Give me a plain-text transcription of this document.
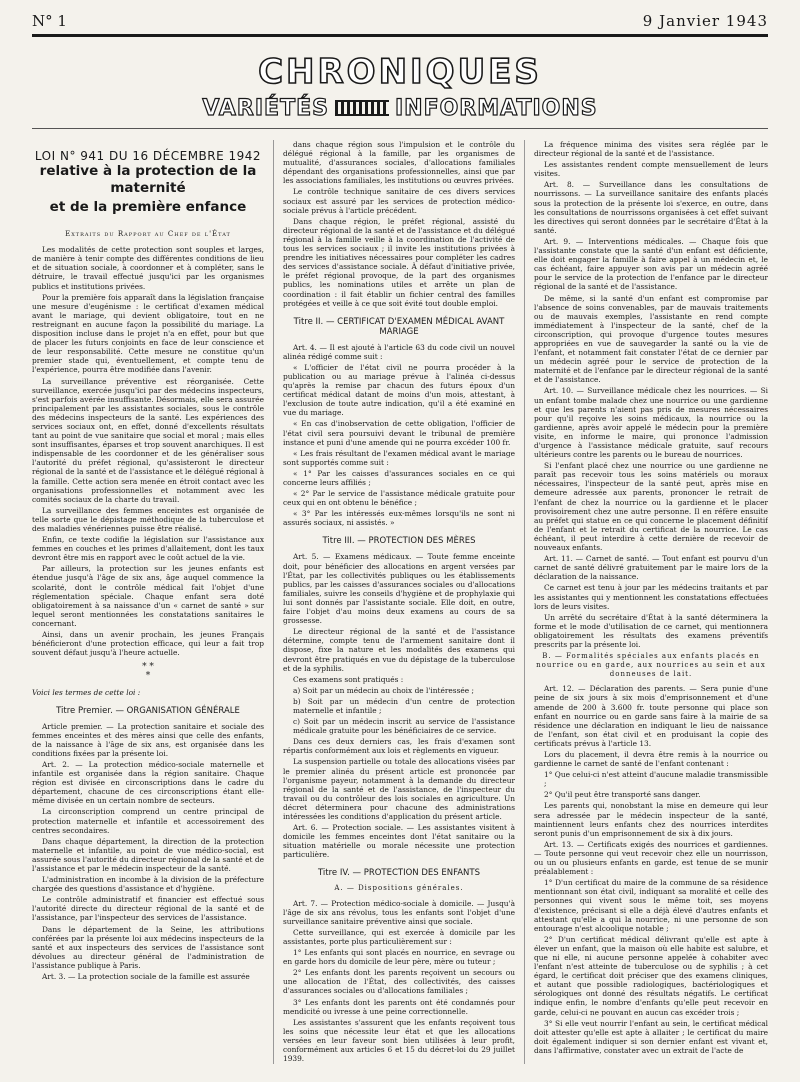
N° 1	9 Janvier 1943
CHRONIQUES
VARIÉTÉS	INFORMATIONS
LOI N° 941 DU 16 DÉCEMBRE 1942
relative à la protection de la maternité
et de la première enfance
Extraits du Rapport au Chef de l'État

Les modalités de cette protection sont souples et larges, de manière à tenir compte des différentes conditions de lieu et de situation sociale, à coordonner et à compléter, sans le détruire, le travail effectué jusqu'ici par les organismes publics et institutions privées.

Pour la première fois apparaît dans la législation française une mesure d'eugénisme : le certificat d'examen médical avant le mariage, qui devient obligatoire, tout en ne restreignant en aucune façon la possibilité du mariage. La disposition incluse dans le projet n'a en effet, pour but que de placer les futurs conjoints en face de leur conscience et de leur responsabilité. Cette mesure ne constitue qu'un premier stade qui, éventuellement, et compte tenu de l'expérience, pourra être modifiée dans l'avenir.

La surveillance préventive est réorganisée. Cette surveillance, exercée jusqu'ici par des médecins inspecteurs, s'est parfois avérée insuffisante. Désormais, elle sera assurée principalement par les assistantes sociales, sous le contrôle des médecins inspecteurs de la santé. Les expériences des services sociaux ont, en effet, donné d'excellents résultats tant au point de vue sanitaire que social et moral ; mais elles sont insuffisantes, éparses et trop souvent anarchiques. Il est indispensable de les coordonner et de les généraliser sous l'autorité du préfet régional, qu'assisteront le directeur régional de la santé et de l'assistance et le délégué régional à la famille. Cette action sera menée en étroit contact avec les organisations professionnelles et notamment avec les comités sociaux de la charte du travail.

La surveillance des femmes enceintes est organisée de telle sorte que le dépistage méthodique de la tuberculose et des maladies vénériennes puisse être réalisé.

Enfin, ce texte codifie la législation sur l'assistance aux femmes en couches et les primes d'allaitement, dont les taux devront être mis en rapport avec le coût actuel de la vie.

Par ailleurs, la protection sur les jeunes enfants est étendue jusqu'à l'âge de six ans, âge auquel commence la scolarité, dont le contrôle médical fait l'objet d'une réglementation spéciale. Chaque enfant sera doté obligatoirement à sa naissance d'un « carnet de santé » sur lequel seront mentionnées les constatations sanitaires le concernant.

Ainsi, dans un avenir prochain, les jeunes Français bénéficieront d'une protection efficace, qui leur a fait trop souvent défaut jusqu'à l'heure actuelle.

* *
*

Voici les termes de cette loi :

Titre Premier. — ORGANISATION GÉNÉRALE

Article premier. — La protection sanitaire et sociale des femmes enceintes et des mères ainsi que celle des enfants, de la naissance à l'âge de six ans, est organisée dans les conditions fixées par la présente loi.

Art. 2. — La protection médico-sociale maternelle et infantile est organisée dans la région sanitaire. Chaque région est divisée en circonscriptions dans le cadre du département, chacune de ces circonscriptions étant elle-même divisée en un certain nombre de secteurs.

La circonscription comprend un centre principal de protection maternelle et infantile et accessoirement des centres secondaires.

Dans chaque département, la direction de la protection maternelle et infantile, au point de vue médico-social, est assurée sous l'autorité du directeur régional de la santé et de l'assistance et par le médecin inspecteur de la santé.

L'administration en incombe à la division de la préfecture chargée des questions d'assistance et d'hygiène.

Le contrôle administratif et financier est effectué sous l'autorité directe du directeur régional de la santé et de l'assistance, par l'inspecteur des services de l'assistance.

Dans le département de la Seine, les attributions conférées par la présente loi aux médecins inspecteurs de la santé et aux inspecteurs des services de l'assistance sont dévolues au directeur général de l'administration de l'assistance publique à Paris.

Art. 3. — La protection sociale de la famille est assurée

dans chaque région sous l'impulsion et le contrôle du délégué régional à la famille, par les organismes de mutualité, d'assurances sociales, d'allocations familiales dépendant des organisations professionnelles, ainsi que par les associations familiales, les institutions ou œuvres privées.

Le contrôle technique sanitaire de ces divers services sociaux est assuré par les services de protection médico-sociale prévus à l'article précédent.

Dans chaque région, le préfet régional, assisté du directeur régional de la santé et de l'assistance et du délégué régional à la famille veille à la coordination de l'activité de tous les services sociaux ; il invite les institutions privées à prendre les initiatives nécessaires pour compléter les cadres des services d'assistance sociale. À défaut d'initiative privée, le préfet régional provoque, de la part des organismes publics, les nominations utiles et arrête un plan de coordination : il fait établir un fichier central des familles protégées et veille à ce que soit évité tout double emploi.

Titre II. — CERTIFICAT D'EXAMEN MÉDICAL AVANT MARIAGE

Art. 4. — Il est ajouté à l'article 63 du code civil un nouvel alinéa rédigé comme suit :

« L'officier de l'état civil ne pourra procéder à la publication ou au mariage prévue à l'alinéa ci-dessus qu'après la remise par chacun des futurs époux d'un certificat médical datant de moins d'un mois, attestant, à l'exclusion de toute autre indication, qu'il a été examiné en vue du mariage.

« En cas d'inobservation de cette obligation, l'officier de l'état civil sera poursuivi devant le tribunal de première instance et puni d'une amende qui ne pourra excéder 100 fr.

« Les frais résultant de l'examen médical avant le mariage sont supportés comme suit :

« 1° Par les caisses d'assurances sociales en ce qui concerne leurs affiliés ;

« 2° Par le service de l'assistance médicale gratuite pour ceux qui en ont obtenu le bénéfice ;

« 3° Par les intéressés eux-mêmes lorsqu'ils ne sont ni assurés sociaux, ni assistés. »

Titre III. — PROTECTION DES MÈRES

Art. 5. — Examens médicaux. — Toute femme enceinte doit, pour bénéficier des allocations en argent versées par l'État, par les collectivités publiques ou les établissements publics, par les caisses d'assurances sociales ou d'allocations familiales, suivre les conseils d'hygiène et de prophylaxie qui lui sont donnés par l'assistante sociale. Elle doit, en outre, faire l'objet d'au moins deux examens au cours de sa grossesse.

Le directeur régional de la santé et de l'assistance détermine, compte tenu de l'armement sanitaire dont il dispose, fixe la nature et les modalités des examens qui devront être pratiqués en vue du dépistage de la tuberculose et de la syphilis.

Ces examens sont pratiqués :

a) Soit par un médecin au choix de l'intéressée ;

b) Soit par un médecin d'un centre de protection maternelle et infantile ;

c) Soit par un médecin inscrit au service de l'assistance médicale gratuite pour les bénéficiaires de ce service.

Dans ces deux derniers cas, les frais d'examen sont répartis conformément aux lois et règlements en vigueur.

La suspension partielle ou totale des allocations visées par le premier alinéa du présent article est prononcée par l'organisme payeur, notamment à la demande du directeur régional de la santé et de l'assistance, de l'inspecteur du travail ou du contrôleur des lois sociales en agriculture. Un décret déterminera pour chacune des administrations intéressées les conditions d'application du présent article.

Art. 6. — Protection sociale. — Les assistantes visitent à domicile les femmes enceintes dont l'état sanitaire ou la situation matérielle ou morale nécessite une protection particulière.

Titre IV. — PROTECTION DES ENFANTS
A. — Dispositions générales.

Art. 7. — Protection médico-sociale à domicile. — Jusqu'à l'âge de six ans révolus, tous les enfants sont l'objet d'une surveillance sanitaire préventive ainsi que sociale.

Cette surveillance, qui est exercée à domicile par les assistantes, porte plus particulièrement sur :

1° Les enfants qui sont placés en nourrice, en sevrage ou en garde hors du domicile de leur père, mère ou tuteur ;

2° Les enfants dont les parents reçoivent un secours ou une allocation de l'État, des collectivités, des caisses d'assurances sociales ou d'allocations familiales ;

3° Les enfants dont les parents ont été condamnés pour mendicité ou ivresse à une peine correctionnelle.

Les assistantes s'assurent que les enfants reçoivent tous les soins que nécessite leur état et que les allocations versées en leur faveur sont bien utilisées à leur profit, conformément aux articles 6 et 15 du décret-loi du 29 juillet 1939.

La fréquence minima des visites sera réglée par le directeur régional de la santé et de l'assistance.

Les assistantes rendent compte mensuellement de leurs visites.

Art. 8. — Surveillance dans les consultations de nourrissons. — La surveillance sanitaire des enfants placés sous la protection de la présente loi s'exerce, en outre, dans les consultations de nourrissons organisées à cet effet suivant les directives qui seront données par le secrétaire d'État à la santé.

Art. 9. — Interventions médicales. — Chaque fois que l'assistante constate que la santé d'un enfant est déficiente, elle doit engager la famille à faire appel à un médecin et, le cas échéant, faire appuyer son avis par un médecin agréé pour le service de la protection de l'enfance par le directeur régional de la santé et de l'assistance.

De même, si la santé d'un enfant est compromise par l'absence de soins convenables, par de mauvais traitements ou de mauvais exemples, l'assistante en rend compte immédiatement à l'inspecteur de la santé, chef de la circonscription, qui provoque d'urgence toutes mesures appropriées en vue de sauvegarder la santé ou la vie de l'enfant, et notamment fait constater l'état de ce dernier par un médecin agréé pour le service de protection de la maternité et de l'enfance par le directeur régional de la santé et de l'assistance.

Art. 10. — Surveillance médicale chez les nourrices. — Si un enfant tombe malade chez une nourrice ou une gardienne et que les parents n'aient pas pris de mesures nécessaires pour qu'il reçoive les soins médicaux, la nourrice ou la gardienne, après avoir appelé le médecin pour la première visite, en informe le maire, qui prononce l'admission d'urgence à l'assistance médicale gratuite, sauf recours ultérieurs contre les parents ou le bureau de nourrices.

Si l'enfant placé chez une nourrice ou une gardienne ne paraît pas recevoir tous les soins matériels ou moraux nécessaires, l'inspecteur de la santé peut, après mise en demeure adressée aux parents, prononcer le retrait de l'enfant de chez la nourrice ou la gardienne et le placer provisoirement chez une autre personne. Il en réfère ensuite au préfet qui statue en ce qui concerne le placement définitif de l'enfant et le retrait du certificat de la nourrice. Le cas échéant, il peut interdire à cette dernière de recevoir de nouveaux enfants.

Art. 11. — Carnet de santé. — Tout enfant est pourvu d'un carnet de santé délivré gratuitement par le maire lors de la déclaration de la naissance.

Ce carnet est tenu à jour par les médecins traitants et par les assistantes qui y mentionnent les constatations effectuées lors de leurs visites.

Un arrêté du secrétaire d'État à la santé déterminera la forme et le mode d'utilisation de ce carnet, qui mentionnera obligatoirement les résultats des examens préventifs prescrits par la présente loi.

B. — Formalités spéciales aux enfants placés en nourrice ou en garde, aux nourrices au sein et aux donneuses de lait.

Art. 12. — Déclaration des parents. — Sera punie d'une peine de six jours à six mois d'emprisonnement et d'une amende de 200 à 3.600 fr. toute personne qui place son enfant en nourrice ou en garde sans faire à la mairie de sa résidence une déclaration en indiquant le lieu de naissance de l'enfant, son état civil et en produisant la copie des certificats prévus à l'article 13.

Lors du placement, il devra être remis à la nourrice ou gardienne le carnet de santé de l'enfant contenant :

1° Que celui-ci n'est atteint d'aucune maladie transmissible ;

2° Qu'il peut être transporté sans danger.

Les parents qui, nonobstant la mise en demeure qui leur sera adressée par le médecin inspecteur de la santé, maintiennent leurs enfants chez des nourrices interdites seront punis d'un emprisonnement de six à dix jours.

Art. 13. — Certificats exigés des nourrices et gardiennes. — Toute personne qui veut recevoir chez elle un nourrisson, ou un ou plusieurs enfants en garde, est tenue de se munir préalablement :

1° D'un certificat du maire de la commune de sa résidence mentionnant son état civil, indiquant sa moralité et celle des personnes qui vivent sous le même toit, ses moyens d'existence, précisant si elle a déjà élevé d'autres enfants et attestant qu'elle a qui la nourrice, ni une personne de son entourage n'est alcoolique notable ;

2° D'un certificat médical délivrant qu'elle est apte à élever un enfant, que la maison où elle habite est salubre, et que ni elle, ni aucune personne appelée à cohabiter avec l'enfant n'est atteinte de tuberculose ou de syphilis ; à cet égard, le certificat doit préciser que des examens cliniques, et autant que possible radiologiques, bactériologiques et sérologiques ont donné des résultats négatifs. Le certificat indique enfin, le nombre d'enfants qu'elle peut recevoir en garde, celui-ci ne pouvant en aucun cas excéder trois ;

3° Si elle veut nourrir l'enfant au sein, le certificat médical doit attester qu'elle est apte à allaiter ; le certificat du maire doit également indiquer si son dernier enfant est vivant et, dans l'affirmative, constater avec un extrait de l'acte de
